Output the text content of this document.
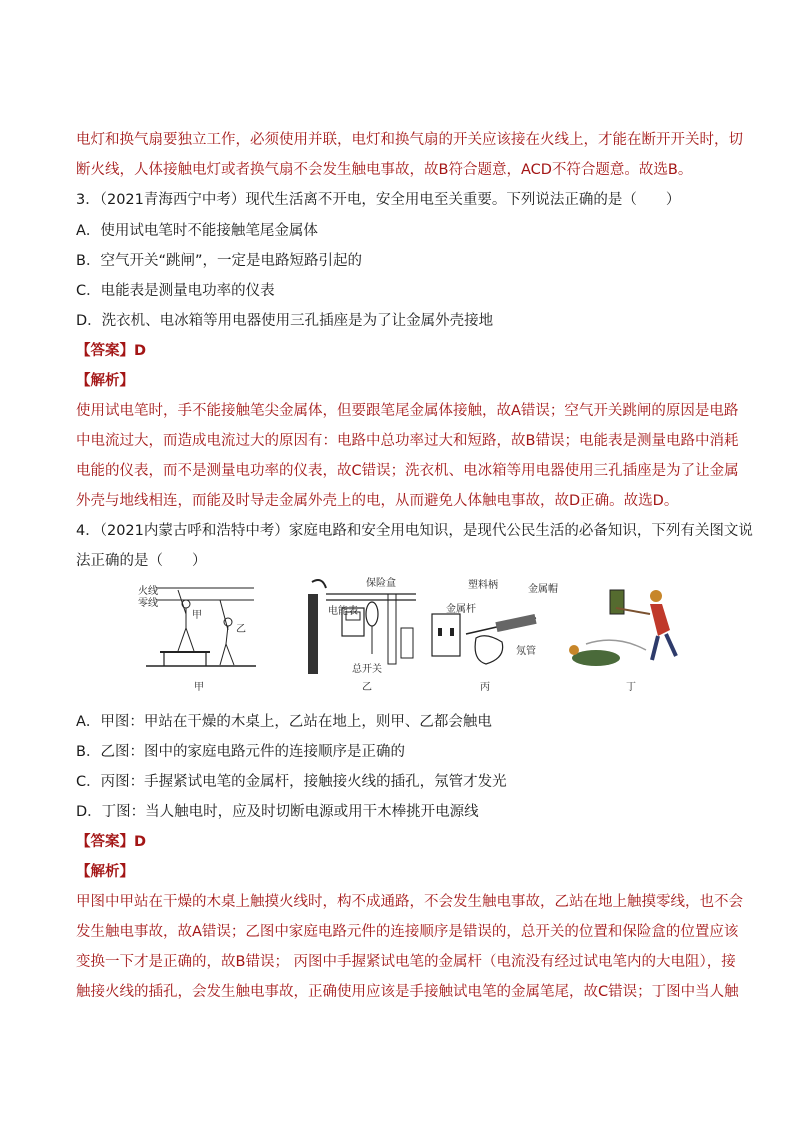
电灯和换气扇要独立工作，必须使用并联，电灯和换气扇的开关应该接在火线上，才能在断开开关时，切
断火线，人体接触电灯或者换气扇不会发生触电事故，故B符合题意，ACD不符合题意。故选B。
3．（2021青海西宁中考）现代生活离不开电，安全用电至关重要。下列说法正确的是（　　）
A．使用试电笔时不能接触笔尾金属体
B．空气开关“跳闸”，一定是电路短路引起的
C．电能表是测量电功率的仪表
D．洗衣机、电冰箱等用电器使用三孔插座是为了让金属外壳接地
【答案】D
【解析】
使用试电笔时，手不能接触笔尖金属体，但要跟笔尾金属体接触，故A错误；空气开关跳闸的原因是电路
中电流过大，而造成电流过大的原因有：电路中总功率过大和短路，故B错误；电能表是测量电路中消耗
电能的仪表，而不是测量电功率的仪表，故C错误；洗衣机、电冰箱等用电器使用三孔插座是为了让金属
外壳与地线相连，而能及时导走金属外壳上的电，从而避免人体触电事故，故D正确。故选D。
4．（2021内蒙古呼和浩特中考）家庭电路和安全用电知识，是现代公民生活的必备知识，下列有关图文说
法正确的是（　　）
火线
零线
甲
乙
甲
保险盒
电能表
总开关
乙
塑料柄	金属帽
金属杆
氖管
丙	丁
A．甲图：甲站在干燥的木桌上，乙站在地上，则甲、乙都会触电
B．乙图：图中的家庭电路元件的连接顺序是正确的
C．丙图：手握紧试电笔的金属杆，接触接火线的插孔，氖管才发光
D．丁图：当人触电时，应及时切断电源或用干木棒挑开电源线
【答案】D
【解析】
甲图中甲站在干燥的木桌上触摸火线时，构不成通路，不会发生触电事故，乙站在地上触摸零线，也不会
发生触电事故，故A错误；乙图中家庭电路元件的连接顺序是错误的，总开关的位置和保险盒的位置应该
变换一下才是正确的，故B错误； 丙图中手握紧试电笔的金属杆（电流没有经过试电笔内的大电阻），接
触接火线的插孔，会发生触电事故，正确使用应该是手接触试电笔的金属笔尾，故C错误；丁图中当人触
